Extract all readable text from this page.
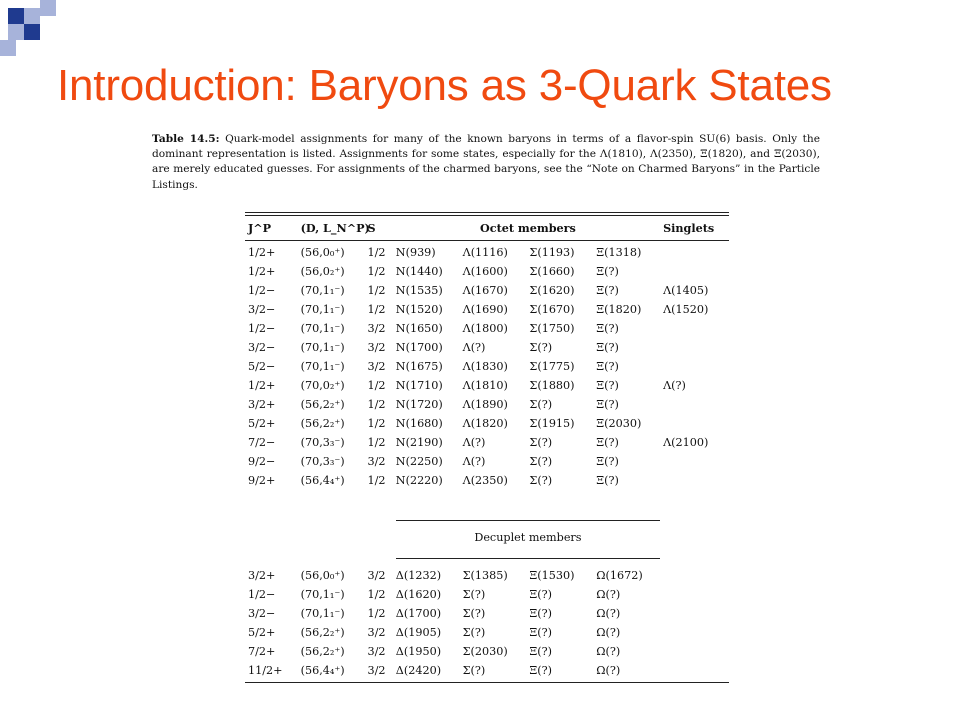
Introduction: Baryons as 3-Quark States

Table 14.5: Quark-model assignments for many of the known baryons in terms of a flavor-spin SU(6) basis. Only the dominant representation is listed. Assignments for some states, especially for the Λ(1810), Λ(2350), Ξ(1820), and Ξ(2030), are merely educated guesses. For assignments of the charmed baryons, see the “Note on Charmed Baryons” in the Particle Listings.

J^P	(D, L_N^P)	S	Octet members				Singlets

1/2+	(56,0₀⁺)	1/2	N(939)	Λ(1116)	Σ(1193)	Ξ(1318)	
1/2+	(56,0₂⁺)	1/2	N(1440)	Λ(1600)	Σ(1660)	Ξ(?)	
1/2−	(70,1₁⁻)	1/2	N(1535)	Λ(1670)	Σ(1620)	Ξ(?)	Λ(1405)
3/2−	(70,1₁⁻)	1/2	N(1520)	Λ(1690)	Σ(1670)	Ξ(1820)	Λ(1520)
1/2−	(70,1₁⁻)	3/2	N(1650)	Λ(1800)	Σ(1750)	Ξ(?)	
3/2−	(70,1₁⁻)	3/2	N(1700)	Λ(?)	Σ(?)	Ξ(?)	
5/2−	(70,1₁⁻)	3/2	N(1675)	Λ(1830)	Σ(1775)	Ξ(?)	
1/2+	(70,0₂⁺)	1/2	N(1710)	Λ(1810)	Σ(1880)	Ξ(?)	Λ(?)
3/2+	(56,2₂⁺)	1/2	N(1720)	Λ(1890)	Σ(?)	Ξ(?)	
5/2+	(56,2₂⁺)	1/2	N(1680)	Λ(1820)	Σ(1915)	Ξ(2030)	
7/2−	(70,3₃⁻)	1/2	N(2190)	Λ(?)	Σ(?)	Ξ(?)	Λ(2100)
9/2−	(70,3₃⁻)	3/2	N(2250)	Λ(?)	Σ(?)	Ξ(?)	
9/2+	(56,4₄⁺)	1/2	N(2220)	Λ(2350)	Σ(?)	Ξ(?)	

			Decuplet members				

3/2+	(56,0₀⁺)	3/2	Δ(1232)	Σ(1385)	Ξ(1530)	Ω(1672)	
1/2−	(70,1₁⁻)	1/2	Δ(1620)	Σ(?)	Ξ(?)	Ω(?)	
3/2−	(70,1₁⁻)	1/2	Δ(1700)	Σ(?)	Ξ(?)	Ω(?)	
5/2+	(56,2₂⁺)	3/2	Δ(1905)	Σ(?)	Ξ(?)	Ω(?)	
7/2+	(56,2₂⁺)	3/2	Δ(1950)	Σ(2030)	Ξ(?)	Ω(?)	
11/2+	(56,4₄⁺)	3/2	Δ(2420)	Σ(?)	Ξ(?)	Ω(?)	
